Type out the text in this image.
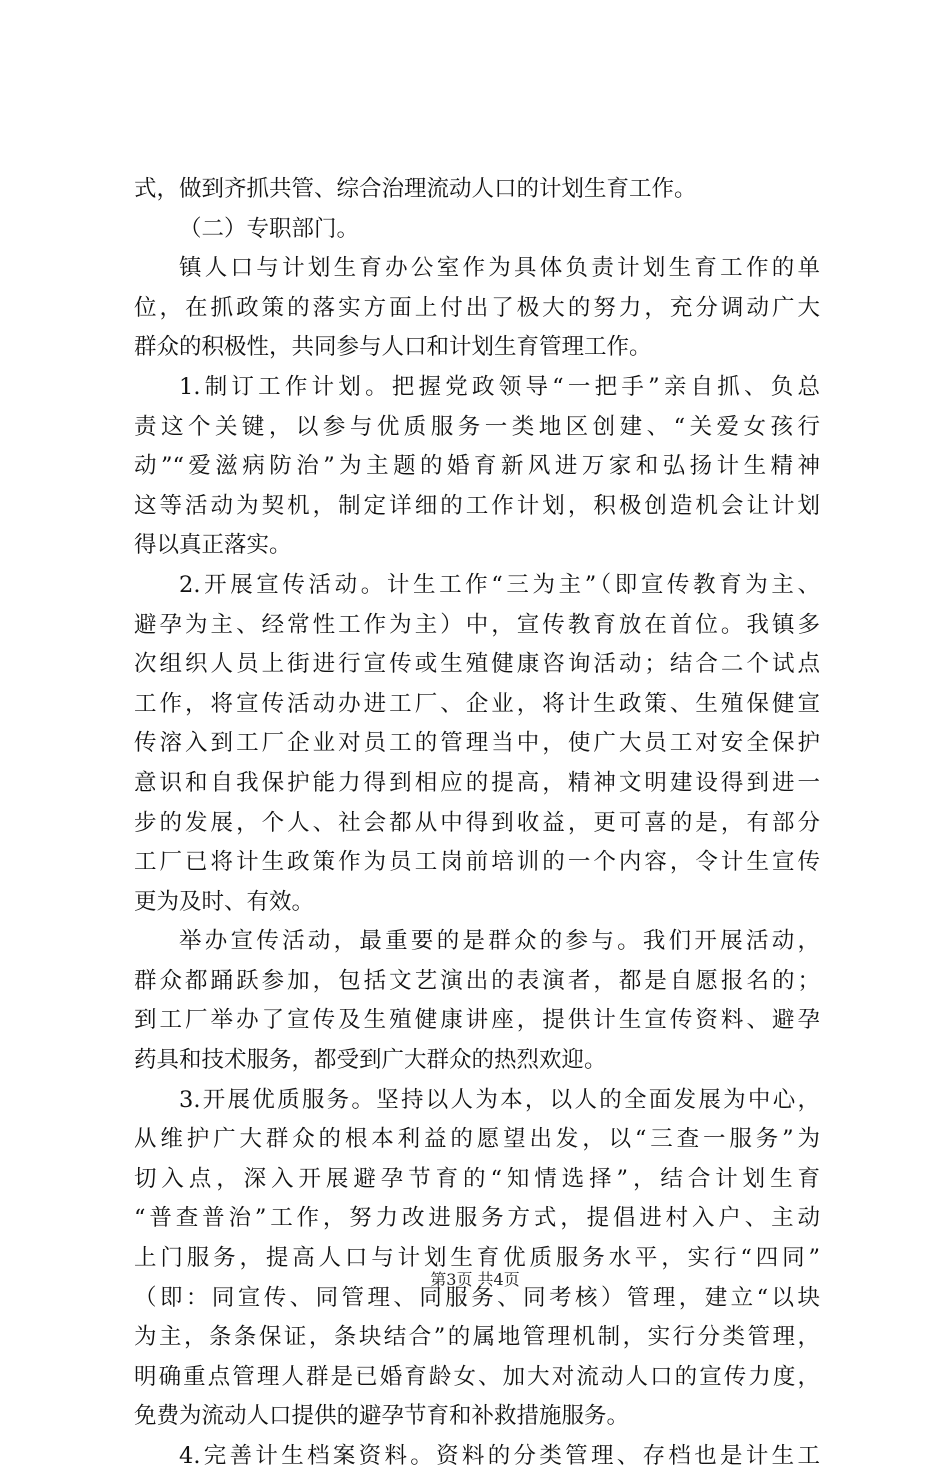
式，做到齐抓共管、综合治理流动人口的计划生育工作。
（二）专职部门。
镇人口与计划生育办公室作为具体负责计划生育工作的单
位，在抓政策的落实方面上付出了极大的努力，充分调动广大
群众的积极性，共同参与人口和计划生育管理工作。
1.制订工作计划。把握党政领导“一把手”亲自抓、负总
责这个关键，以参与优质服务一类地区创建、“关爱女孩行
动”“爱滋病防治”为主题的婚育新风进万家和弘扬计生精神
这等活动为契机，制定详细的工作计划，积极创造机会让计划
得以真正落实。
2.开展宣传活动。计生工作“三为主”（即宣传教育为主、
避孕为主、经常性工作为主）中，宣传教育放在首位。我镇多
次组织人员上街进行宣传或生殖健康咨询活动；结合二个试点
工作，将宣传活动办进工厂、企业，将计生政策、生殖保健宣
传溶入到工厂企业对员工的管理当中，使广大员工对安全保护
意识和自我保护能力得到相应的提高，精神文明建设得到进一
步的发展，个人、社会都从中得到收益，更可喜的是，有部分
工厂已将计生政策作为员工岗前培训的一个内容，令计生宣传
更为及时、有效。
举办宣传活动，最重要的是群众的参与。我们开展活动，
群众都踊跃参加，包括文艺演出的表演者，都是自愿报名的；
到工厂举办了宣传及生殖健康讲座，提供计生宣传资料、避孕
药具和技术服务，都受到广大群众的热烈欢迎。
3.开展优质服务。坚持以人为本，以人的全面发展为中心，
从维护广大群众的根本利益的愿望出发，以“三查一服务”为
切入点，深入开展避孕节育的“知情选择”，结合计划生育
“普查普治”工作，努力改进服务方式，提倡进村入户、主动
上门服务，提高人口与计划生育优质服务水平，实行“四同”
（即：同宣传、同管理、同服务、同考核）管理，建立“以块
为主，条条保证，条块结合”的属地管理机制，实行分类管理，
明确重点管理人群是已婚育龄女、加大对流动人口的宣传力度，
免费为流动人口提供的避孕节育和补救措施服务。
4.完善计生档案资料。资料的分类管理、存档也是计生工
第3页 共4页
